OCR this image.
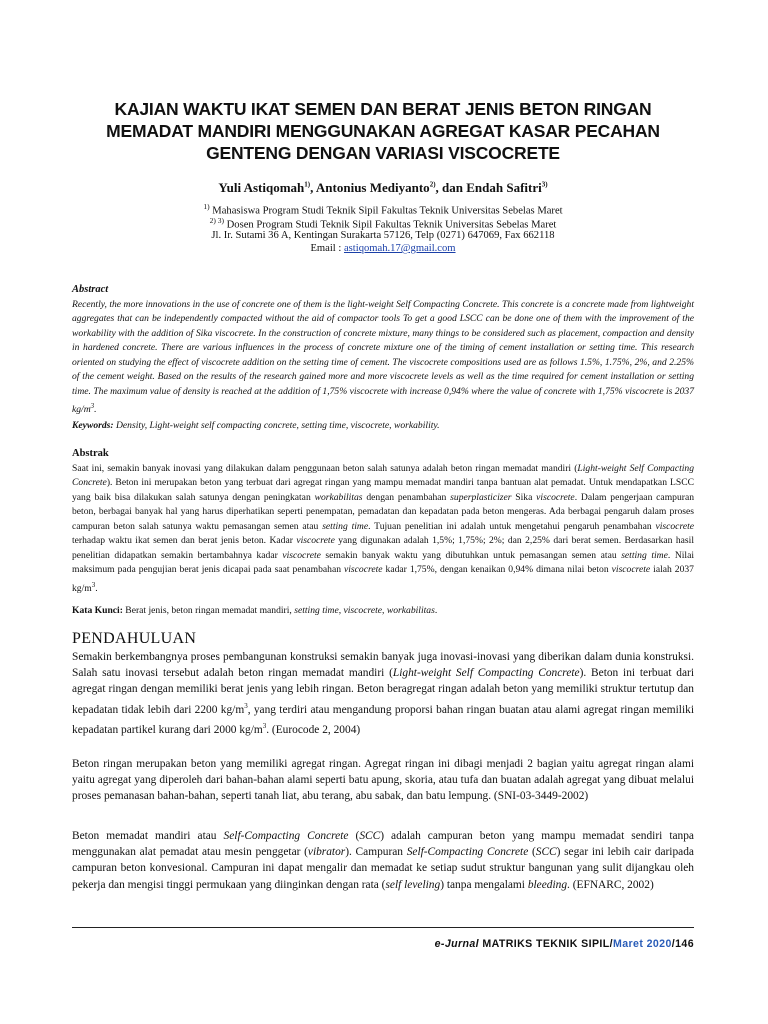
KAJIAN WAKTU IKAT SEMEN DAN BERAT JENIS BETON RINGAN
MEMADAT MANDIRI MENGGUNAKAN AGREGAT KASAR PECAHAN
GENTENG DENGAN VARIASI VISCOCRETE
Yuli Astiqomah$^{1)}$, Antonius Mediyanto$^{2)}$, dan Endah Safitri$^{3)}$
$^{1)}$ Mahasiswa Program Studi Teknik Sipil Fakultas Teknik Universitas Sebelas Maret
$^{2) 3)}$ Dosen Program Studi Teknik Sipil Fakultas Teknik Universitas Sebelas Maret
Jl. Ir. Sutami 36 A, Kentingan Surakarta 57126, Telp (0271) 647069, Fax 662118
Email : astiqomah.17@gmail.com
Abstract
Recently, the more innovations in the use of concrete one of them is the light-weight Self Compacting Concrete. This concrete is a concrete made from lightweight aggregates that can be independently compacted without the aid of compactor tools To get a good LSCC can be done one of them with the improvement of the workability with the addition of Sika viscocrete. In the construction of concrete mixture, many things to be considered such as placement, compaction and density in hardened concrete. There are various influences in the process of concrete mixture one of the timing of cement installation or setting time. This research oriented on studying the effect of viscocrete addition on the setting time of cement. The viscocrete compositions used are as follows 1.5%, 1.75%, 2%, and 2.25% of the cement weight. Based on the results of the research gained more and more viscocrete levels as well as the time required for cement installation or setting time. The maximum value of density is reached at the addition of 1,75% viscocrete with increase 0,94% where the value of concrete with 1,75% viscocrete is 2037 $kg/m^3$.
Keywords: Density, Light-weight self compacting concrete, setting time, viscocrete, workability.
Abstrak
Saat ini, semakin banyak inovasi yang dilakukan dalam penggunaan beton salah satunya adalah beton ringan memadat mandiri (Light-weight Self Compacting Concrete). Beton ini merupakan beton yang terbuat dari agregat ringan yang mampu memadat mandiri tanpa bantuan alat pemadat. Untuk mendapatkan LSCC yang baik bisa dilakukan salah satunya dengan peningkatan workabilitas dengan penambahan superplasticizer Sika viscocrete. Dalam pengerjaan campuran beton, berbagai banyak hal yang harus diperhatikan seperti penempatan, pemadatan dan kepadatan pada beton mengeras. Ada berbagai pengaruh dalam proses campuran beton salah satunya waktu pemasangan semen atau setting time. Tujuan penelitian ini adalah untuk mengetahui pengaruh penambahan viscocrete terhadap waktu ikat semen dan berat jenis beton. Kadar viscocrete yang digunakan adalah 1,5%; 1,75%; 2%; dan 2,25% dari berat semen. Berdasarkan hasil penelitian didapatkan semakin bertambahnya kadar viscocrete semakin banyak waktu yang dibutuhkan untuk pemasangan semen atau setting time. Nilai maksimum pada pengujian berat jenis dicapai pada saat penambahan viscocrete kadar 1,75%, dengan kenaikan 0,94% dimana nilai beton viscocrete ialah 2037 $kg/m^3$.
Kata Kunci: Berat jenis, beton ringan memadat mandiri, setting time, viscocrete, workabilitas.
PENDAHULUAN
Semakin berkembangnya proses pembangunan konstruksi semakin banyak juga inovasi-inovasi yang diberikan dalam dunia konstruksi. Salah satu inovasi tersebut adalah beton ringan memadat mandiri (Light-weight Self Compacting Concrete). Beton ini terbuat dari agregat ringan dengan memiliki berat jenis yang lebih ringan. Beton beragregat ringan adalah beton yang memiliki struktur tertutup dan kepadatan tidak lebih dari 2200 $kg/m^3$, yang terdiri atau mengandung proporsi bahan ringan buatan atau alami agregat ringan memiliki kepadatan partikel kurang dari 2000 $kg/m^3$. (Eurocode 2, 2004)
Beton ringan merupakan beton yang memiliki agregat ringan. Agregat ringan ini dibagi menjadi 2 bagian yaitu agregat ringan alami yaitu agregat yang diperoleh dari bahan-bahan alami seperti batu apung, skoria, atau tufa dan buatan adalah agregat yang dibuat melalui proses pemanasan bahan-bahan, seperti tanah liat, abu terang, abu sabak, dan batu lempung. (SNI-03-3449-2002)
Beton memadat mandiri atau Self-Compacting Concrete (SCC) adalah campuran beton yang mampu memadat sendiri tanpa menggunakan alat pemadat atau mesin penggetar (vibrator). Campuran Self-Compacting Concrete (SCC) segar ini lebih cair daripada campuran beton konvesional. Campuran ini dapat mengalir dan memadat ke setiap sudut struktur bangunan yang sulit dijangkau oleh pekerja dan mengisi tinggi permukaan yang diinginkan dengan rata (self leveling) tanpa mengalami bleeding. (EFNARC, 2002)
e-Jurnal MATRIKS TEKNIK SIPIL/Maret 2020/146
